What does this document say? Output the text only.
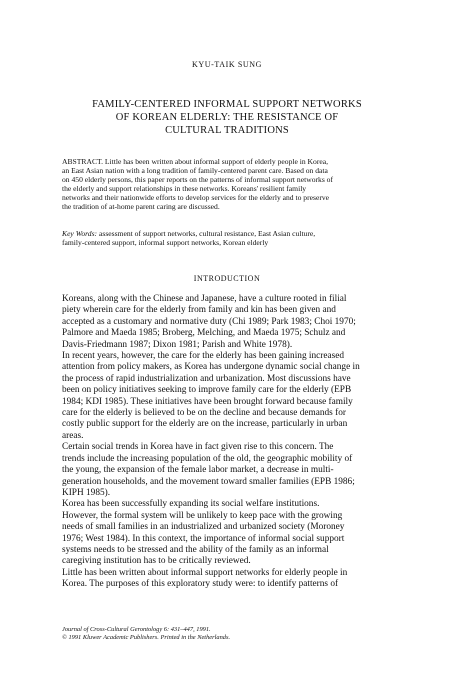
KYU-TAIK SUNG
FAMILY-CENTERED INFORMAL SUPPORT NETWORKS
OF KOREAN ELDERLY: THE RESISTANCE OF
CULTURAL TRADITIONS
ABSTRACT. Little has been written about informal support of elderly people in Korea,
an East Asian nation with a long tradition of family-centered parent care. Based on data
on 450 elderly persons, this paper reports on the patterns of informal support networks of
the elderly and support relationships in these networks. Koreans' resilient family
networks and their nationwide efforts to develop services for the elderly and to preserve
the tradition of at-home parent caring are discussed.
Key Words: assessment of support networks, cultural resistance, East Asian culture,
family-centered support, informal support networks, Korean elderly
INTRODUCTION
Koreans, along with the Chinese and Japanese, have a culture rooted in filial
piety wherein care for the elderly from family and kin has been given and
accepted as a customary and normative duty (Chi 1989; Park 1983; Choi 1970;
Palmore and Maeda 1985; Broberg, Melching, and Maeda 1975; Schulz and
Davis-Friedmann 1987; Dixon 1981; Parish and White 1978).
In recent years, however, the care for the elderly has been gaining increased
attention from policy makers, as Korea has undergone dynamic social change in
the process of rapid industrialization and urbanization. Most discussions have
been on policy initiatives seeking to improve family care for the elderly (EPB
1984; KDI 1985). These initiatives have been brought forward because family
care for the elderly is believed to be on the decline and because demands for
costly public support for the elderly are on the increase, particularly in urban
areas.
Certain social trends in Korea have in fact given rise to this concern. The
trends include the increasing population of the old, the geographic mobility of
the young, the expansion of the female labor market, a decrease in multi-
generation households, and the movement toward smaller families (EPB 1986;
KIPH 1985).
Korea has been successfully expanding its social welfare institutions.
However, the formal system will be unlikely to keep pace with the growing
needs of small families in an industrialized and urbanized society (Moroney
1976; West 1984). In this context, the importance of informal social support
systems needs to be stressed and the ability of the family as an informal
caregiving institution has to be critically reviewed.
Little has been written about informal support networks for elderly people in
Korea. The purposes of this exploratory study were: to identify patterns of
Journal of Cross-Cultural Gerontology 6: 431–447, 1991.
© 1991 Kluwer Academic Publishers. Printed in the Netherlands.
